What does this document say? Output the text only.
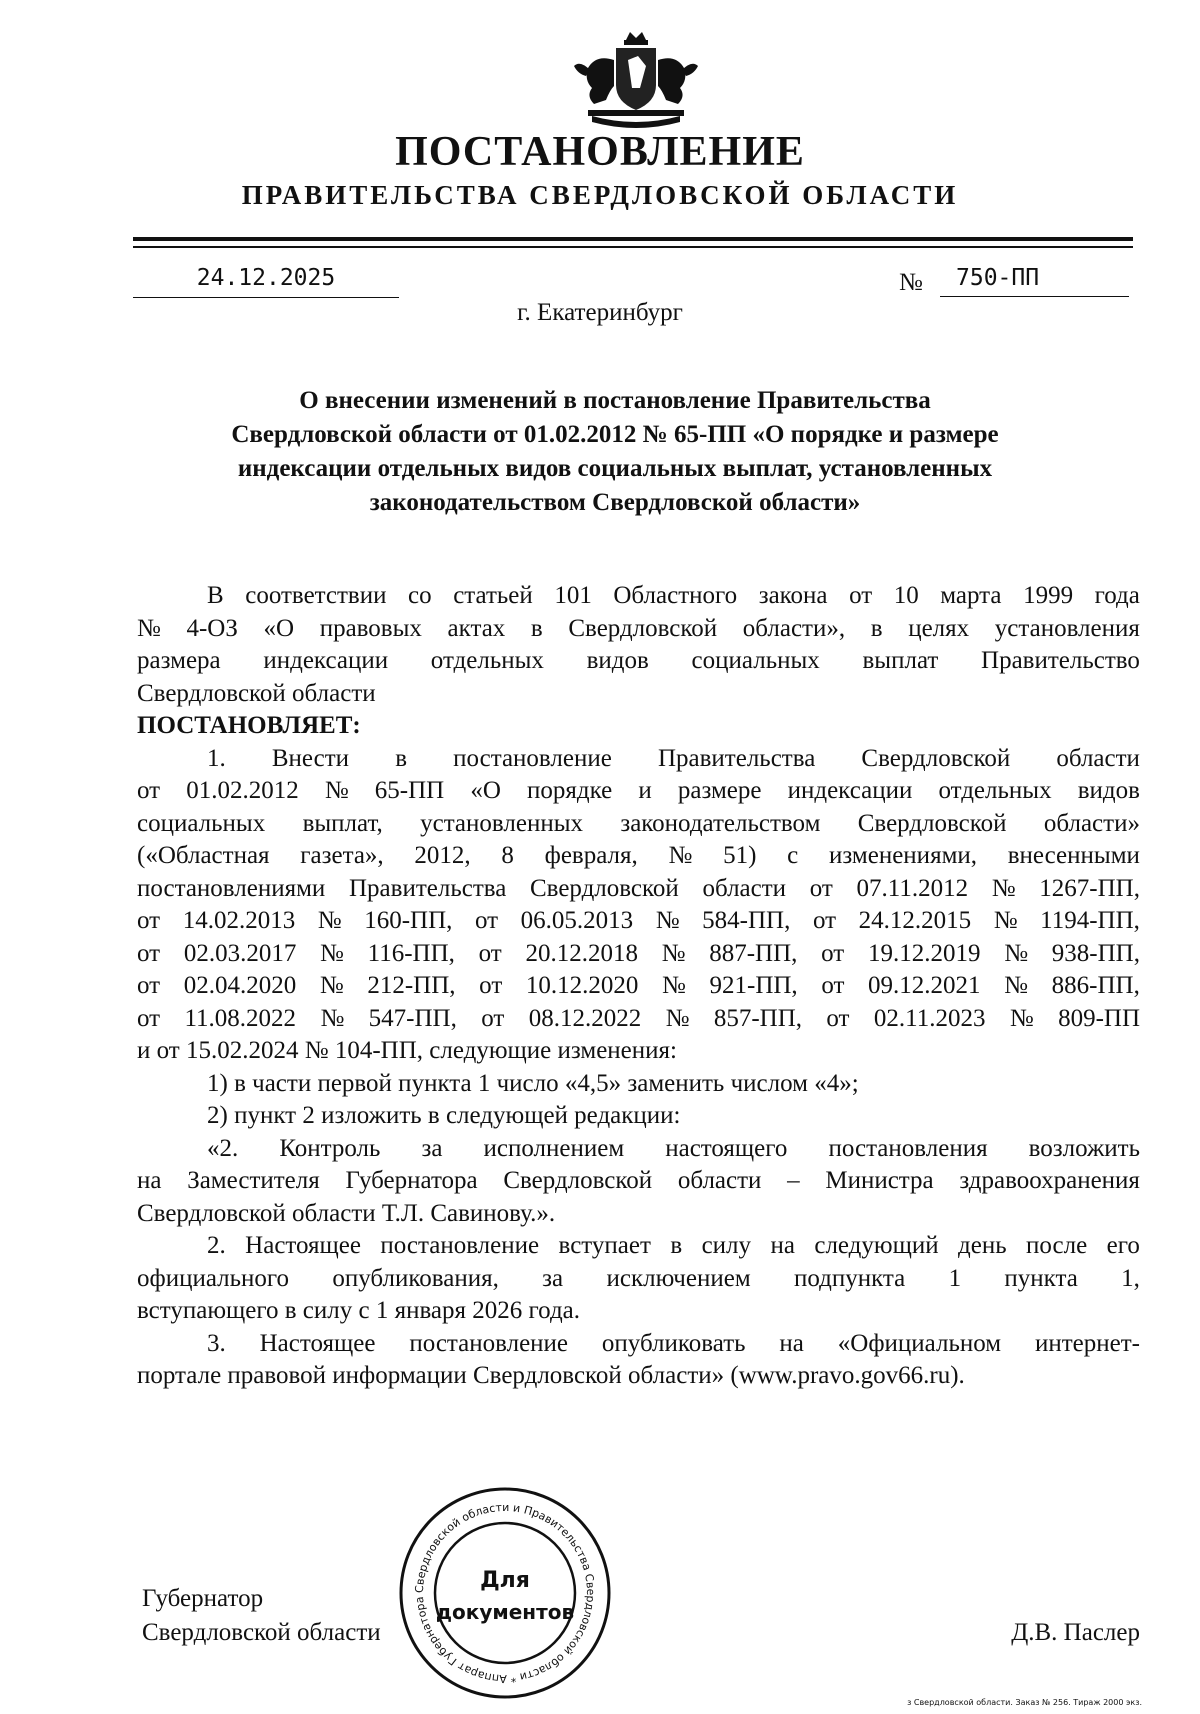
ПОСТАНОВЛЕНИЕ
ПРАВИТЕЛЬСТВА СВЕРДЛОВСКОЙ ОБЛАСТИ
24.12.2025	№	750-ПП
г. Екатеринбург
О внесении изменений в постановление Правительства
Свердловской области от 01.02.2012 № 65-ПП «О порядке и размере
индексации отдельных видов социальных выплат, установленных
законодательством Свердловской области»
В соответствии со статьей 101 Областного закона от 10 марта 1999 года
№ 4-ОЗ «О правовых актах в Свердловской области», в целях установления
размера индексации отдельных видов социальных выплат Правительство
Свердловской области
ПОСТАНОВЛЯЕТ:
1. Внести в постановление Правительства Свердловской области
от 01.02.2012 № 65-ПП «О порядке и размере индексации отдельных видов
социальных выплат, установленных законодательством Свердловской области»
(«Областная газета», 2012, 8 февраля, № 51) с изменениями, внесенными
постановлениями Правительства Свердловской области от 07.11.2012 № 1267-ПП,
от 14.02.2013 № 160-ПП, от 06.05.2013 № 584-ПП, от 24.12.2015 № 1194-ПП,
от 02.03.2017 № 116-ПП, от 20.12.2018 № 887-ПП, от 19.12.2019 № 938-ПП,
от 02.04.2020 № 212-ПП, от 10.12.2020 № 921-ПП, от 09.12.2021 № 886-ПП,
от 11.08.2022 № 547-ПП, от 08.12.2022 № 857-ПП, от 02.11.2023 № 809-ПП
и от 15.02.2024 № 104-ПП, следующие изменения:
1) в части первой пункта 1 число «4,5» заменить числом «4»;
2) пункт 2 изложить в следующей редакции:
«2. Контроль за исполнением настоящего постановления возложить
на Заместителя Губернатора Свердловской области – Министра здравоохранения
Свердловской области Т.Л. Савинову.».
2. Настоящее постановление вступает в силу на следующий день после его
официального опубликования, за исключением подпункта 1 пункта 1,
вступающего в силу с 1 января 2026 года.
3. Настоящее постановление опубликовать на «Официальном интернет-
портале правовой информации Свердловской области» (www.pravo.gov66.ru).
Губернатор
Свердловской области	Д.В. Паслер
Свердловской области и Правительства Свердловской области * Аппарат Губернатора
Для
документов
з Свердловской области. Заказ № 256. Тираж 2000 экз.
